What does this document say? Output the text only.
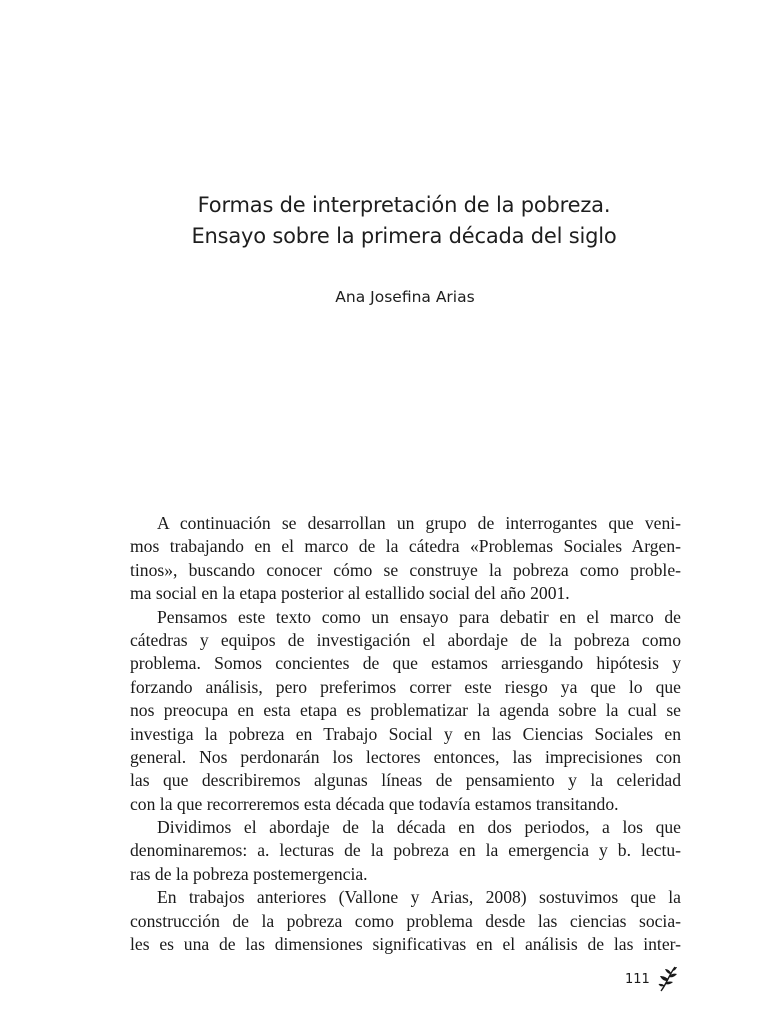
Formas de interpretación de la pobreza.
Ensayo sobre la primera década del siglo
Ana Josefina Arias
A continuación se desarrollan un grupo de interrogantes que veni-
mos trabajando en el marco de la cátedra «Problemas Sociales Argen-
tinos», buscando conocer cómo se construye la pobreza como proble-
ma social en la etapa posterior al estallido social del año 2001.
Pensamos este texto como un ensayo para debatir en el marco de
cátedras y equipos de investigación el abordaje de la pobreza como
problema. Somos concientes de que estamos arriesgando hipótesis y
forzando análisis, pero preferimos correr este riesgo ya que lo que
nos preocupa en esta etapa es problematizar la agenda sobre la cual se
investiga la pobreza en Trabajo Social y en las Ciencias Sociales en
general. Nos perdonarán los lectores entonces, las imprecisiones con
las que describiremos algunas líneas de pensamiento y la celeridad
con la que recorreremos esta década que todavía estamos transitando.
Dividimos el abordaje de la década en dos periodos, a los que
denominaremos: a. lecturas de la pobreza en la emergencia y b. lectu-
ras de la pobreza postemergencia.
En trabajos anteriores (Vallone y Arias, 2008) sostuvimos que la
construcción de la pobreza como problema desde las ciencias socia-
les es una de las dimensiones significativas en el análisis de las inter-
111
